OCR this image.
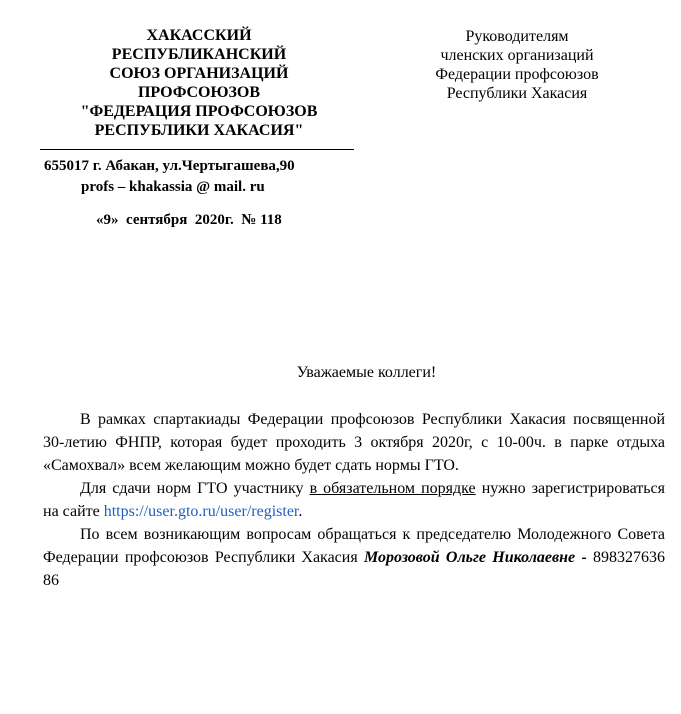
ХАКАССКИЙ
РЕСПУБЛИКАНСКИЙ
СОЮЗ ОРГАНИЗАЦИЙ
ПРОФСОЮЗОВ
"ФЕДЕРАЦИЯ ПРОФСОЮЗОВ
РЕСПУБЛИКИ ХАКАСИЯ"
655017 г. Абакан, ул.Чертыгашева,90
profs – khakassia @ mail. ru
«9»  сентября  2020г.  № 118
Руководителям
членских организаций
Федерации профсоюзов
Республики Хакасия
Уважаемые коллеги!

В рамках спартакиады Федерации профсоюзов Республики Хакасия посвященной 30-летию ФНПР, которая будет проходить 3 октября 2020г, с 10-00ч. в парке отдыха «Самохвал» всем желающим можно будет сдать нормы ГТО.

Для сдачи норм ГТО участнику в обязательном порядке нужно зарегистрироваться на сайте https://user.gto.ru/user/register.

По всем возникающим вопросам обращаться к председателю Молодежного Совета Федерации профсоюзов Республики Хакасия Морозовой Ольге Николаевне - 898327636 86
